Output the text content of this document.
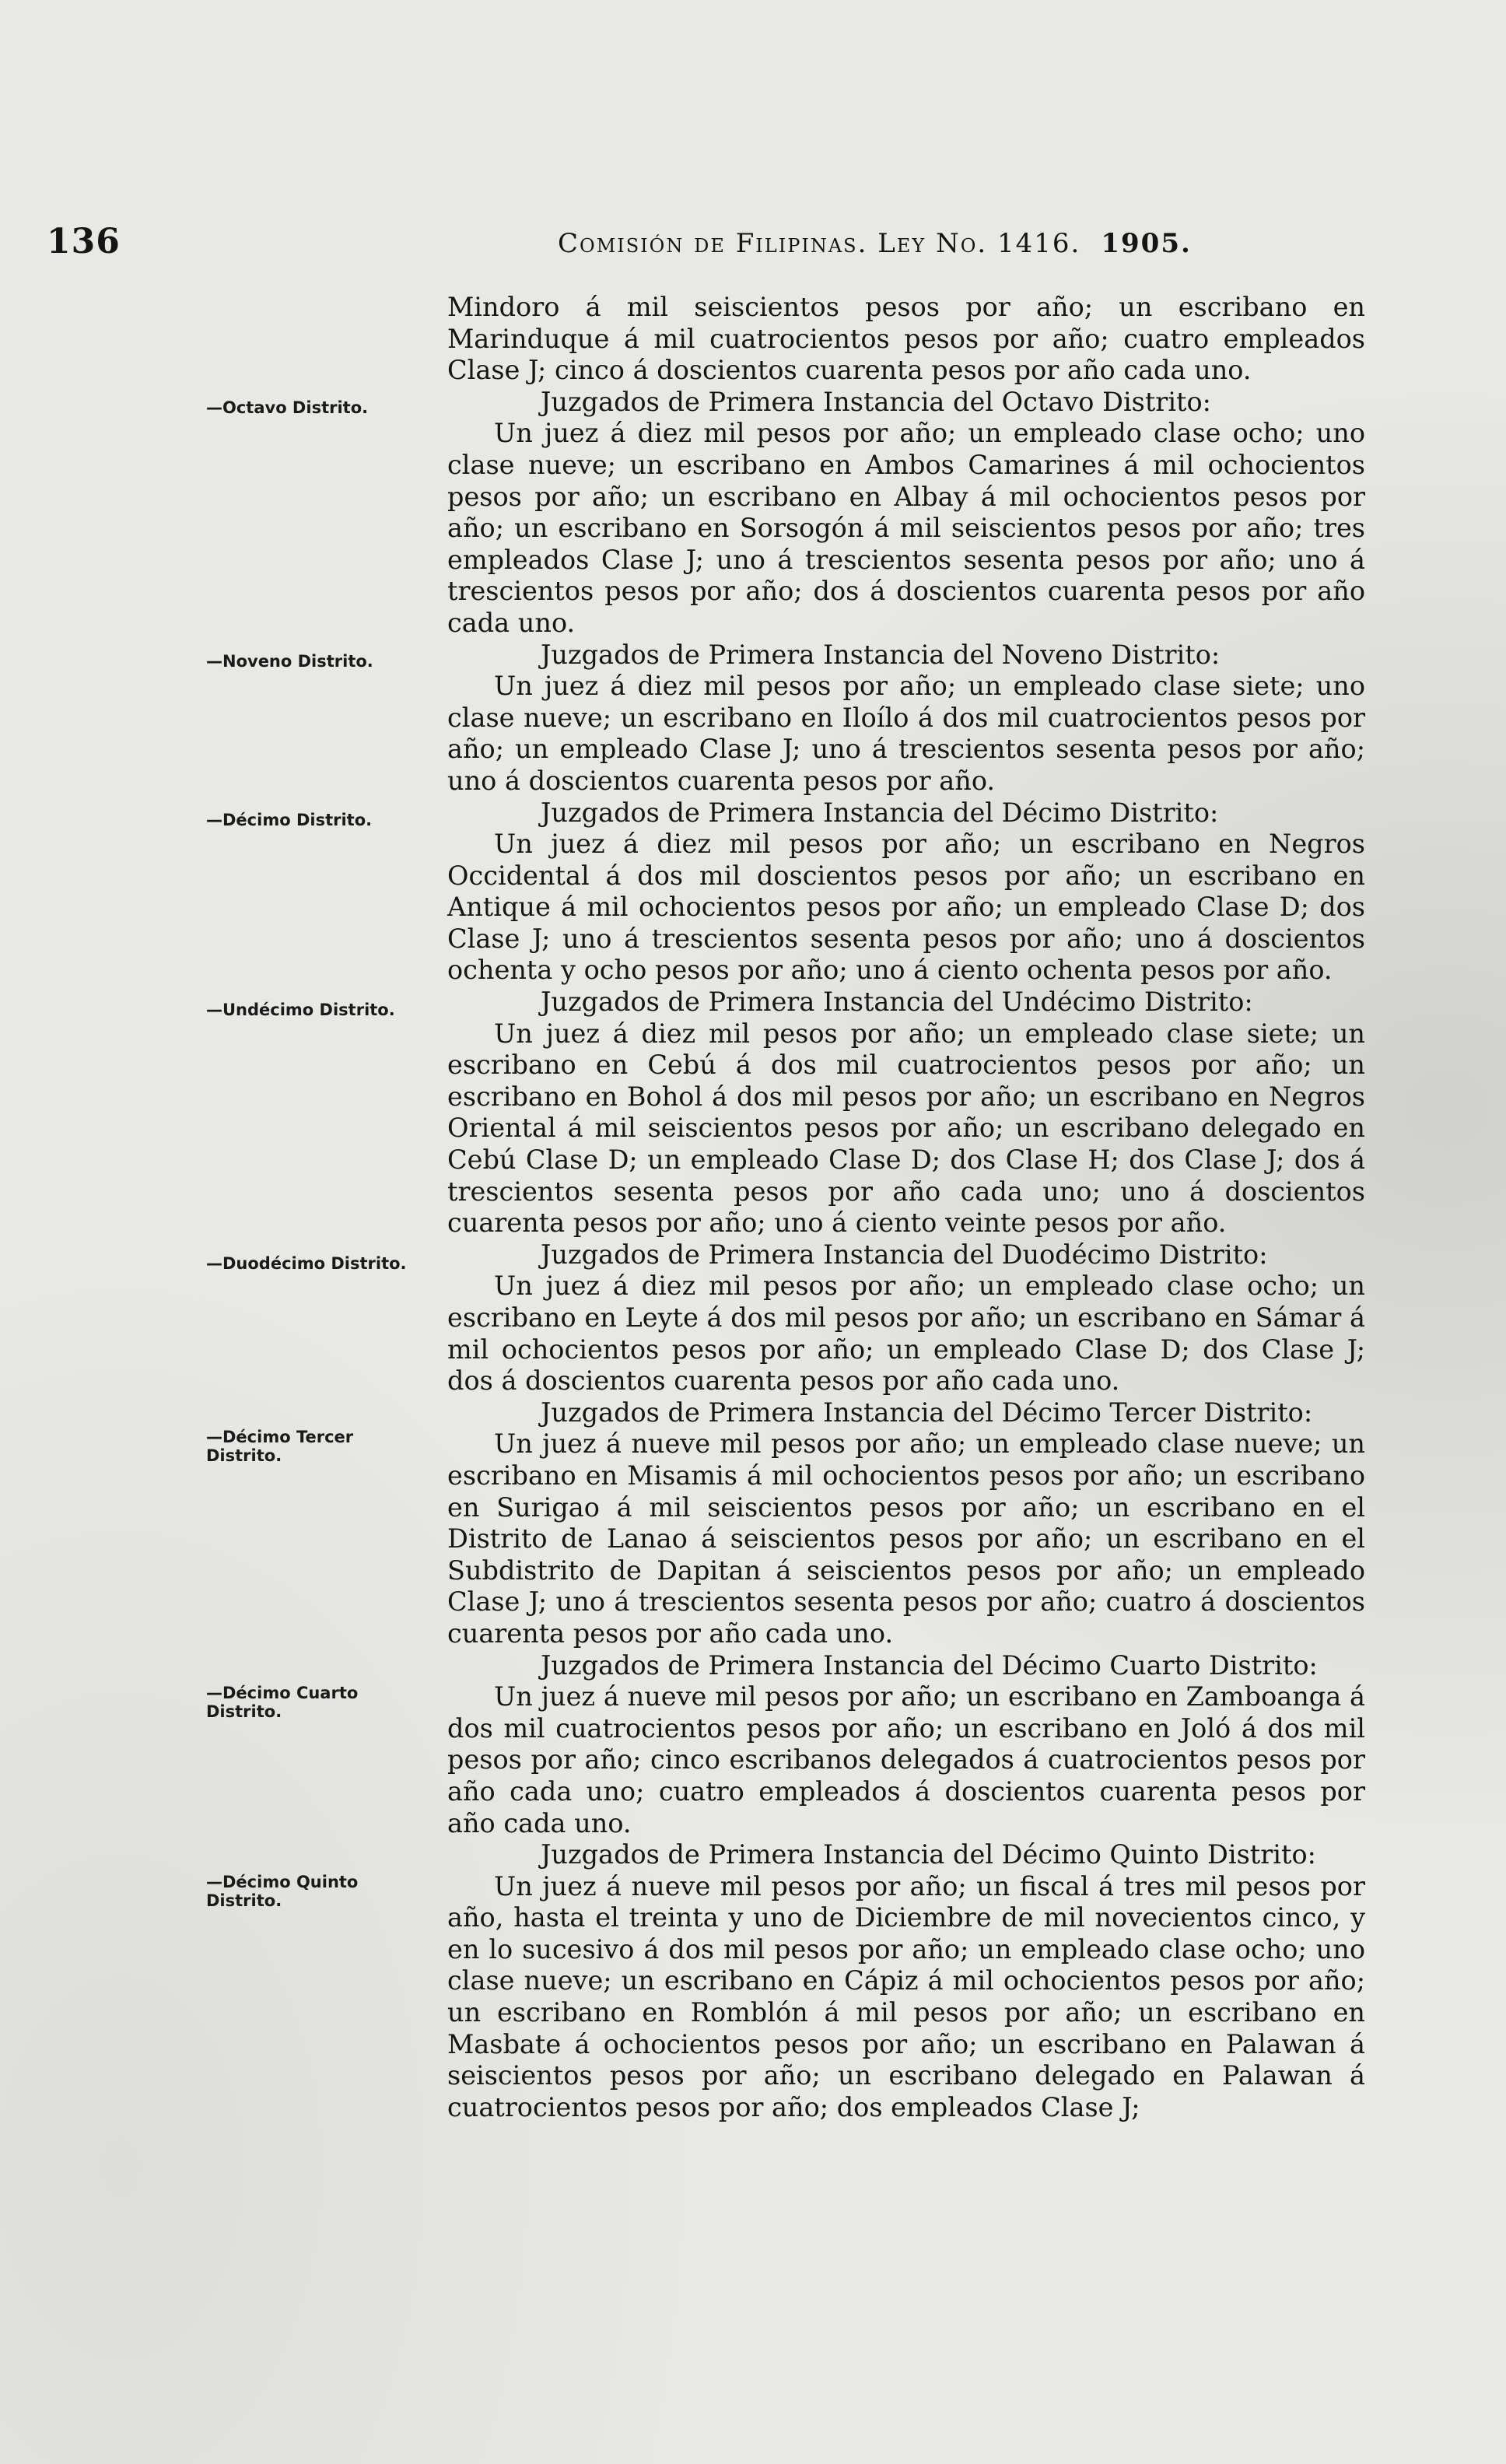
136	Comisión de Filipinas. Ley No. 1416. 1905.
—Octavo Distrito.
—Noveno Distrito.
—Décimo Distrito.
—Undécimo Distrito.
—Duodécimo Distrito.
—Décimo Tercer Distrito.
—Décimo Cuarto Distrito.
—Décimo Quinto Distrito.

Mindoro á mil seiscientos pesos por año; un escribano en Marinduque á mil cuatrocientos pesos por año; cuatro empleados Clase J; cinco á doscientos cuarenta pesos por año cada uno.

Juzgados de Primera Instancia del Octavo Distrito:

Un juez á diez mil pesos por año; un empleado clase ocho; uno clase nueve; un escribano en Ambos Camarines á mil ochocientos pesos por año; un escribano en Albay á mil ochocientos pesos por año; un escribano en Sorsogón á mil seiscientos pesos por año; tres empleados Clase J; uno á trescientos sesenta pesos por año; uno á trescientos pesos por año; dos á doscientos cuarenta pesos por año cada uno.

Juzgados de Primera Instancia del Noveno Distrito:

Un juez á diez mil pesos por año; un empleado clase siete; uno clase nueve; un escribano en Iloílo á dos mil cuatrocientos pesos por año; un empleado Clase J; uno á trescientos sesenta pesos por año; uno á doscientos cuarenta pesos por año.

Juzgados de Primera Instancia del Décimo Distrito:

Un juez á diez mil pesos por año; un escribano en Negros Occidental á dos mil doscientos pesos por año; un escribano en Antique á mil ochocientos pesos por año; un empleado Clase D; dos Clase J; uno á trescientos sesenta pesos por año; uno á doscientos ochenta y ocho pesos por año; uno á ciento ochenta pesos por año.

Juzgados de Primera Instancia del Undécimo Distrito:

Un juez á diez mil pesos por año; un empleado clase siete; un escribano en Cebú á dos mil cuatrocientos pesos por año; un escribano en Bohol á dos mil pesos por año; un escribano en Negros Oriental á mil seiscientos pesos por año; un escribano delegado en Cebú Clase D; un empleado Clase D; dos Clase H; dos Clase J; dos á trescientos sesenta pesos por año cada uno; uno á doscientos cuarenta pesos por año; uno á ciento veinte pesos por año.

Juzgados de Primera Instancia del Duodécimo Distrito:

Un juez á diez mil pesos por año; un empleado clase ocho; un escribano en Leyte á dos mil pesos por año; un escribano en Sámar á mil ochocientos pesos por año; un empleado Clase D; dos Clase J; dos á doscientos cuarenta pesos por año cada uno.

Juzgados de Primera Instancia del Décimo Tercer Distrito:

Un juez á nueve mil pesos por año; un empleado clase nueve; un escribano en Misamis á mil ochocientos pesos por año; un escribano en Surigao á mil seiscientos pesos por año; un escribano en el Distrito de Lanao á seiscientos pesos por año; un escribano en el Subdistrito de Dapitan á seiscientos pesos por año; un empleado Clase J; uno á trescientos sesenta pesos por año; cuatro á doscientos cuarenta pesos por año cada uno.

Juzgados de Primera Instancia del Décimo Cuarto Distrito:

Un juez á nueve mil pesos por año; un escribano en Zamboanga á dos mil cuatrocientos pesos por año; un escribano en Joló á dos mil pesos por año; cinco escribanos delegados á cuatrocientos pesos por año cada uno; cuatro empleados á doscientos cuarenta pesos por año cada uno.

Juzgados de Primera Instancia del Décimo Quinto Distrito:

Un juez á nueve mil pesos por año; un fiscal á tres mil pesos por año, hasta el treinta y uno de Diciembre de mil novecientos cinco, y en lo sucesivo á dos mil pesos por año; un empleado clase ocho; uno clase nueve; un escribano en Cápiz á mil ochocientos pesos por año; un escribano en Romblón á mil pesos por año; un escribano en Masbate á ochocientos pesos por año; un escribano en Palawan á seiscientos pesos por año; un escribano delegado en Palawan á cuatrocientos pesos por año; dos empleados Clase J;
